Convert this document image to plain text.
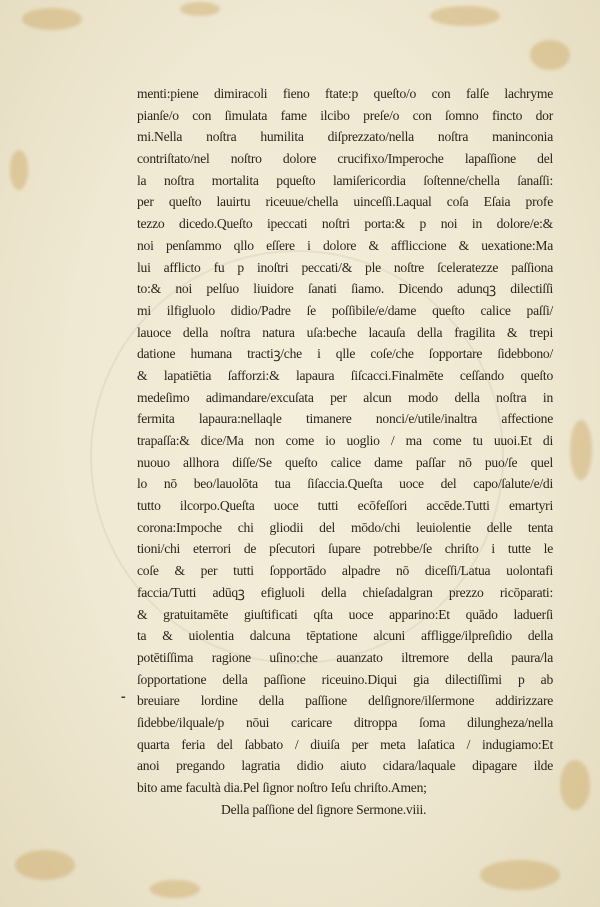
⁃
menti:piene dimiracoli fieno ftate:p queſto/o con falſe lachryme
pianſe/o con ſimulata fame ilcibo preſe/o con ſomno fincto dor
mi.Nella noſtra humilita diſprezzato/nella noſtra maninconia
contriſtato/nel noſtro dolore crucifixo/Imperoche lapaſſione del
la noſtra mortalita pqueſto lamiſericordia ſoſtenne/chella ſanaſſi:
per queſto lauirtu riceuue/chella uinceſſi.Laqual coſa Eſaia profe
tezzo dicedo.Queſto ipeccati noſtri porta:& p noi in dolore/e:&
noi penſammo qllo eſſere i dolore & affliccione & uexatione:Ma
lui afflicto fu p inoſtri peccati/& ple noſtre ſceleratezze paſſiona
to:& noi pelſuo liuidore ſanati ſiamo. Dicendo adunqꝫ dilectiſſi
mi ilfigluolo didio/Padre ſe poſſibile/e/dame queſto calice paſſi/
lauoce della noſtra natura uſa:beche lacauſa della fragilita & trepi
datione humana tractiꝫ/che i qlle coſe/che ſopportare ſidebbono/
& lapatiētia ſafforzi:& lapaura ſiſcacci.Finalmēte ceſſando queſto
medeſimo adimandare/excuſata per alcun modo della noſtra in
fermita lapaura:nellaqle timanere nonci/e/utile/inaltra affectione
trapaſſa:& dice/Ma non come io uoglio / ma come tu uuoi.Et di
nuouo allhora diſſe/Se queſto calice dame paſſar nō puo/ſe quel
lo nō beo/lauolōta tua ſiſaccia.Queſta uoce del capo/ſalute/e/di
tutto ilcorpo.Queſta uoce tutti ecōfeſſori accēde.Tutti emartyri
corona:Impoche chi gliodii del mōdo/chi leuiolentie delle tenta
tioni/chi eterrori de pſecutori ſupare potrebbe/ſe chriſto i tutte le
coſe & per tutti ſopportādo alpadre nō diceſſi/Latua uolontafi
faccia/Tutti adūqꝫ efigluoli della chieſadalgran prezzo ricōparati:
& gratuitamēte giuſtificati qſta uoce apparino:Et quādo laduerſi
ta & uiolentia dalcuna tēptatione alcuni affligge/ilpreſidio della
potētiſſima ragione uſino:che auanzato iltremore della paura/la
ſopportatione della paſſione riceuino.Diqui gia dilectiſſimi p ab
breuiare lordine della paſſione delſignore/ilſermone addirizzare
ſidebbe/ilquale/p nōui caricare ditroppa ſoma dilungheza/nella
quarta feria del ſabbato / diuiſa per meta laſatica / indugiamo:Et
anoi pregando lagratia didio aiuto cidara/laquale dipagare ilde
bito ame facultà dia.Pel ſignor noſtro Ieſu chriſto.Amen;
Della paſſione del ſignore Sermone.viii.
